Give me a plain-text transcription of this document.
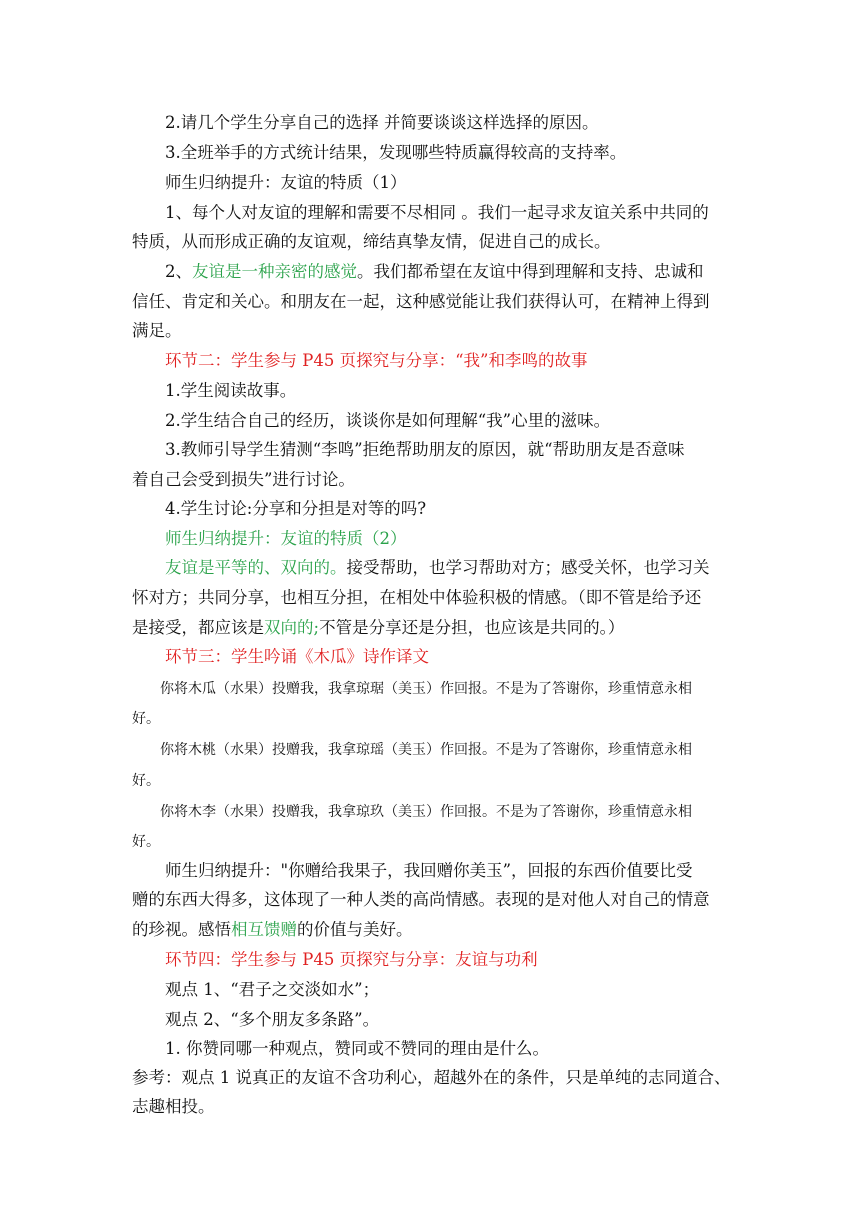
2.请几个学生分享自己的选择 并简要谈谈这样选择的原因。
3.全班举手的方式统计结果，发现哪些特质赢得较高的支持率。
师生归纳提升：友谊的特质（1）
1、每个人对友谊的理解和需要不尽相同 。我们一起寻求友谊关系中共同的
特质，从而形成正确的友谊观，缔结真挚友情，促进自己的成长。
2、友谊是一种亲密的感觉。我们都希望在友谊中得到理解和支持、忠诚和
信任、肯定和关心。和朋友在一起，这种感觉能让我们获得认可，在精神上得到
满足。
环节二：学生参与 P45 页探究与分享：“我”和李鸣的故事
1.学生阅读故事。
2.学生结合自己的经历，谈谈你是如何理解“我”心里的滋味。
3.教师引导学生猜测“李鸣”拒绝帮助朋友的原因，就“帮助朋友是否意味
着自己会受到损失”进行讨论。
4.学生讨论:分享和分担是对等的吗?
师生归纳提升：友谊的特质（2）
友谊是平等的、双向的。接受帮助，也学习帮助对方；感受关怀，也学习关
怀对方；共同分享，也相互分担，在相处中体验积极的情感。（即不管是给予还
是接受，都应该是双向的;不管是分享还是分担，也应该是共同的。）
环节三：学生吟诵《木瓜》诗作译文
你将木瓜（水果）投赠我，我拿琼琚（美玉）作回报。不是为了答谢你，珍重情意永相
好。
你将木桃（水果）投赠我，我拿琼瑶（美玉）作回报。不是为了答谢你，珍重情意永相
好。
你将木李（水果）投赠我，我拿琼玖（美玉）作回报。不是为了答谢你，珍重情意永相
好。
师生归纳提升："你赠给我果子，我回赠你美玉”，回报的东西价值要比受
赠的东西大得多，这体现了一种人类的高尚情感。表现的是对他人对自己的情意
的珍视。感悟相互馈赠的价值与美好。
环节四：学生参与 P45 页探究与分享：友谊与功利
观点 1、“君子之交淡如水”；
观点 2、“多个朋友多条路”。
1. 你赞同哪一种观点，赞同或不赞同的理由是什么。
参考：观点 1 说真正的友谊不含功利心，超越外在的条件，只是单纯的志同道合、
志趣相投。
